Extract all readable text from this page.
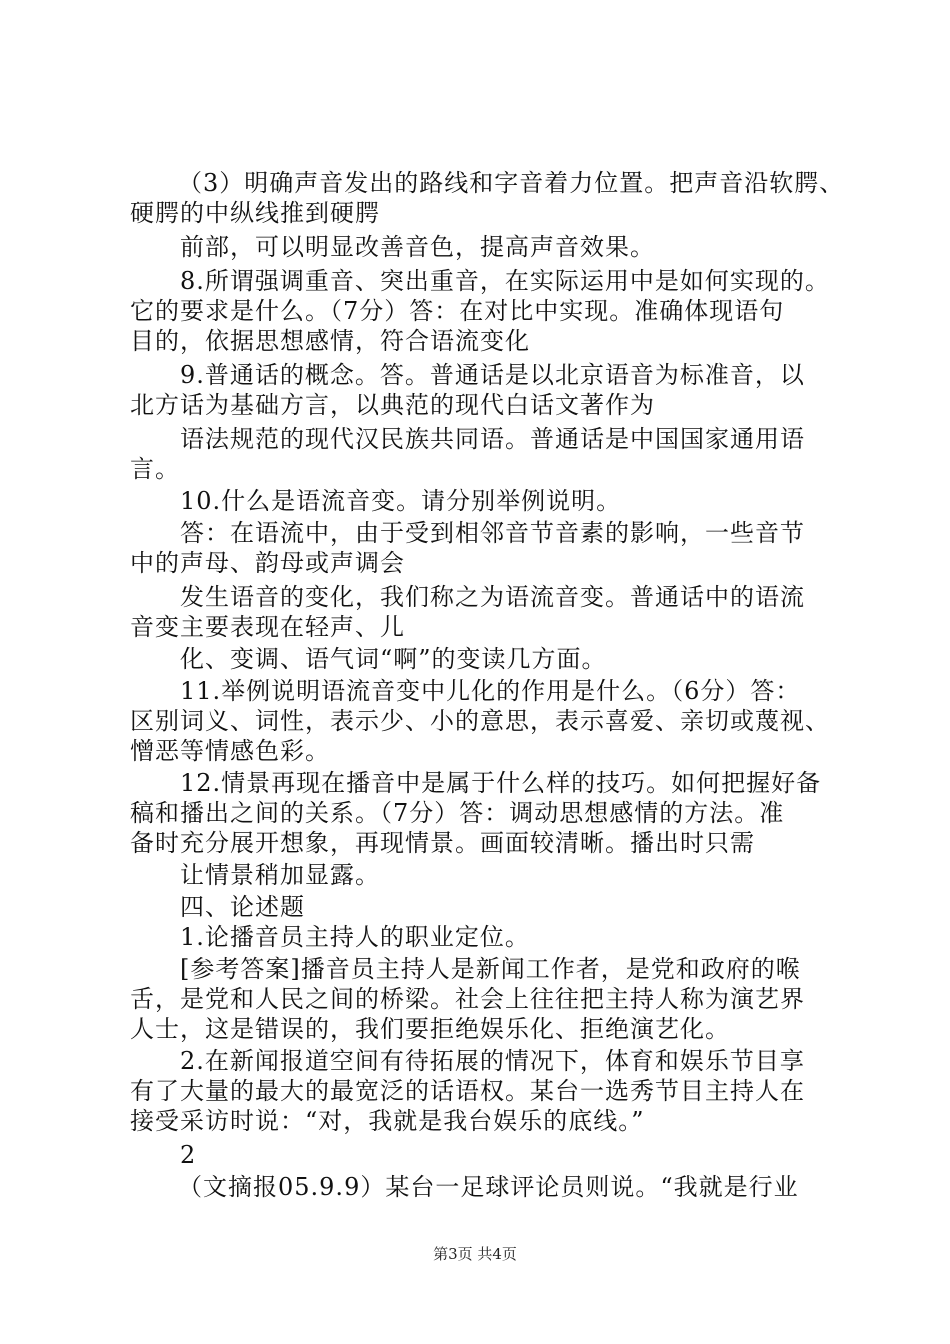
（3）明确声音发出的路线和字音着力位置。把声音沿软腭、
硬腭的中纵线推到硬腭
前部，可以明显改善音色，提高声音效果。
8.所谓强调重音、突出重音，在实际运用中是如何实现的。
它的要求是什么。（7分）答：在对比中实现。准确体现语句
目的，依据思想感情，符合语流变化
9.普通话的概念。答。普通话是以北京语音为标准音，以
北方话为基础方言，以典范的现代白话文著作为
语法规范的现代汉民族共同语。普通话是中国国家通用语
言。
10.什么是语流音变。请分别举例说明。
答：在语流中，由于受到相邻音节音素的影响，一些音节
中的声母、韵母或声调会
发生语音的变化，我们称之为语流音变。普通话中的语流
音变主要表现在轻声、儿
化、变调、语气词“啊”的变读几方面。
11.举例说明语流音变中儿化的作用是什么。（6分）答：
区别词义、词性，表示少、小的意思，表示喜爱、亲切或蔑视、
憎恶等情感色彩。
12.情景再现在播音中是属于什么样的技巧。如何把握好备
稿和播出之间的关系。（7分）答：调动思想感情的方法。准
备时充分展开想象，再现情景。画面较清晰。播出时只需
让情景稍加显露。
四、论述题
1.论播音员主持人的职业定位。
[参考答案]播音员主持人是新闻工作者，是党和政府的喉
舌，是党和人民之间的桥梁。社会上往往把主持人称为演艺界
人士，这是错误的，我们要拒绝娱乐化、拒绝演艺化。
2.在新闻报道空间有待拓展的情况下，体育和娱乐节目享
有了大量的最大的最宽泛的话语权。某台一选秀节目主持人在
接受采访时说：“对，我就是我台娱乐的底线。”
2
（文摘报05.9.9）某台一足球评论员则说。“我就是行业
第3页 共4页
